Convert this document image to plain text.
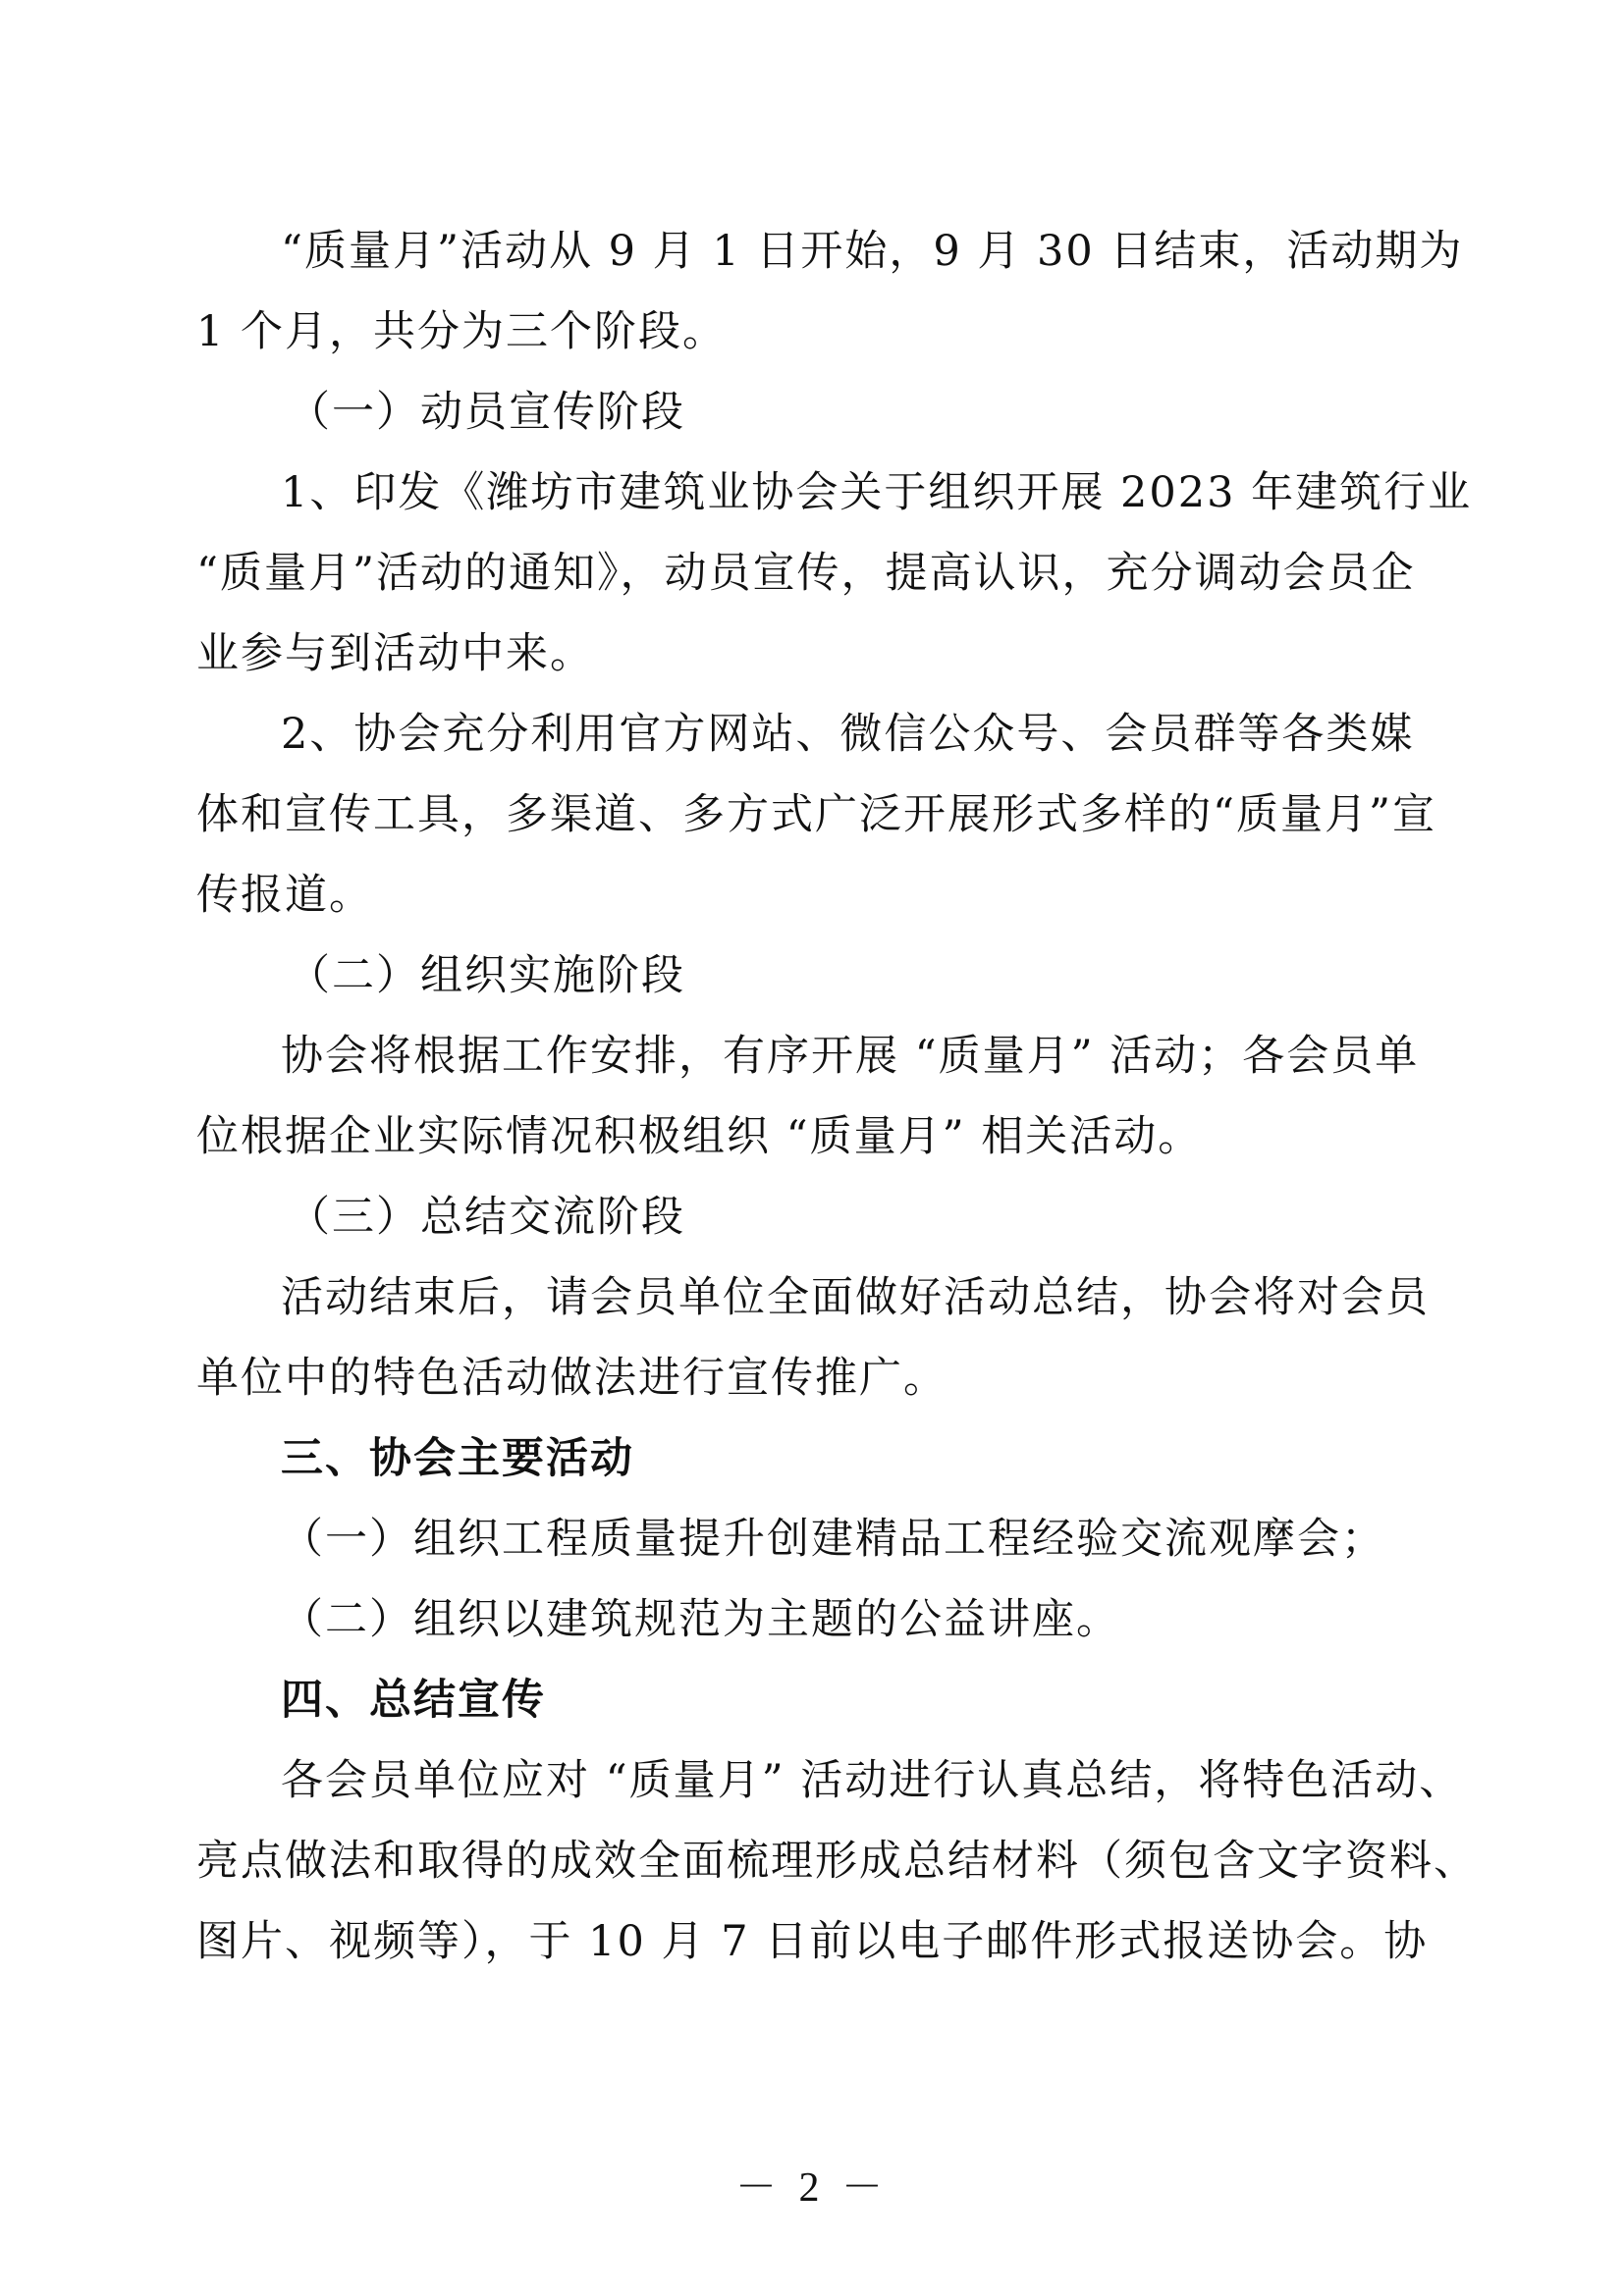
“质量月”活动从 9 月 1 日开始，9 月 30 日结束，活动期为
1 个月，共分为三个阶段。
（一）动员宣传阶段
1、印发《潍坊市建筑业协会关于组织开展 2023 年建筑行业
“质量月”活动的通知》，动员宣传，提高认识，充分调动会员企
业参与到活动中来。
2、协会充分利用官方网站、微信公众号、会员群等各类媒
体和宣传工具，多渠道、多方式广泛开展形式多样的“质量月”宣
传报道。
（二）组织实施阶段
协会将根据工作安排，有序开展 “质量月” 活动；各会员单
位根据企业实际情况积极组织 “质量月” 相关活动。
（三）总结交流阶段
活动结束后，请会员单位全面做好活动总结，协会将对会员
单位中的特色活动做法进行宣传推广。
三、协会主要活动
（一）组织工程质量提升创建精品工程经验交流观摩会；
（二）组织以建筑规范为主题的公益讲座。
四、总结宣传
各会员单位应对 “质量月” 活动进行认真总结，将特色活动、
亮点做法和取得的成效全面梳理形成总结材料（须包含文字资料、
图片、视频等），于 10 月 7 日前以电子邮件形式报送协会。协
－ 2 －
